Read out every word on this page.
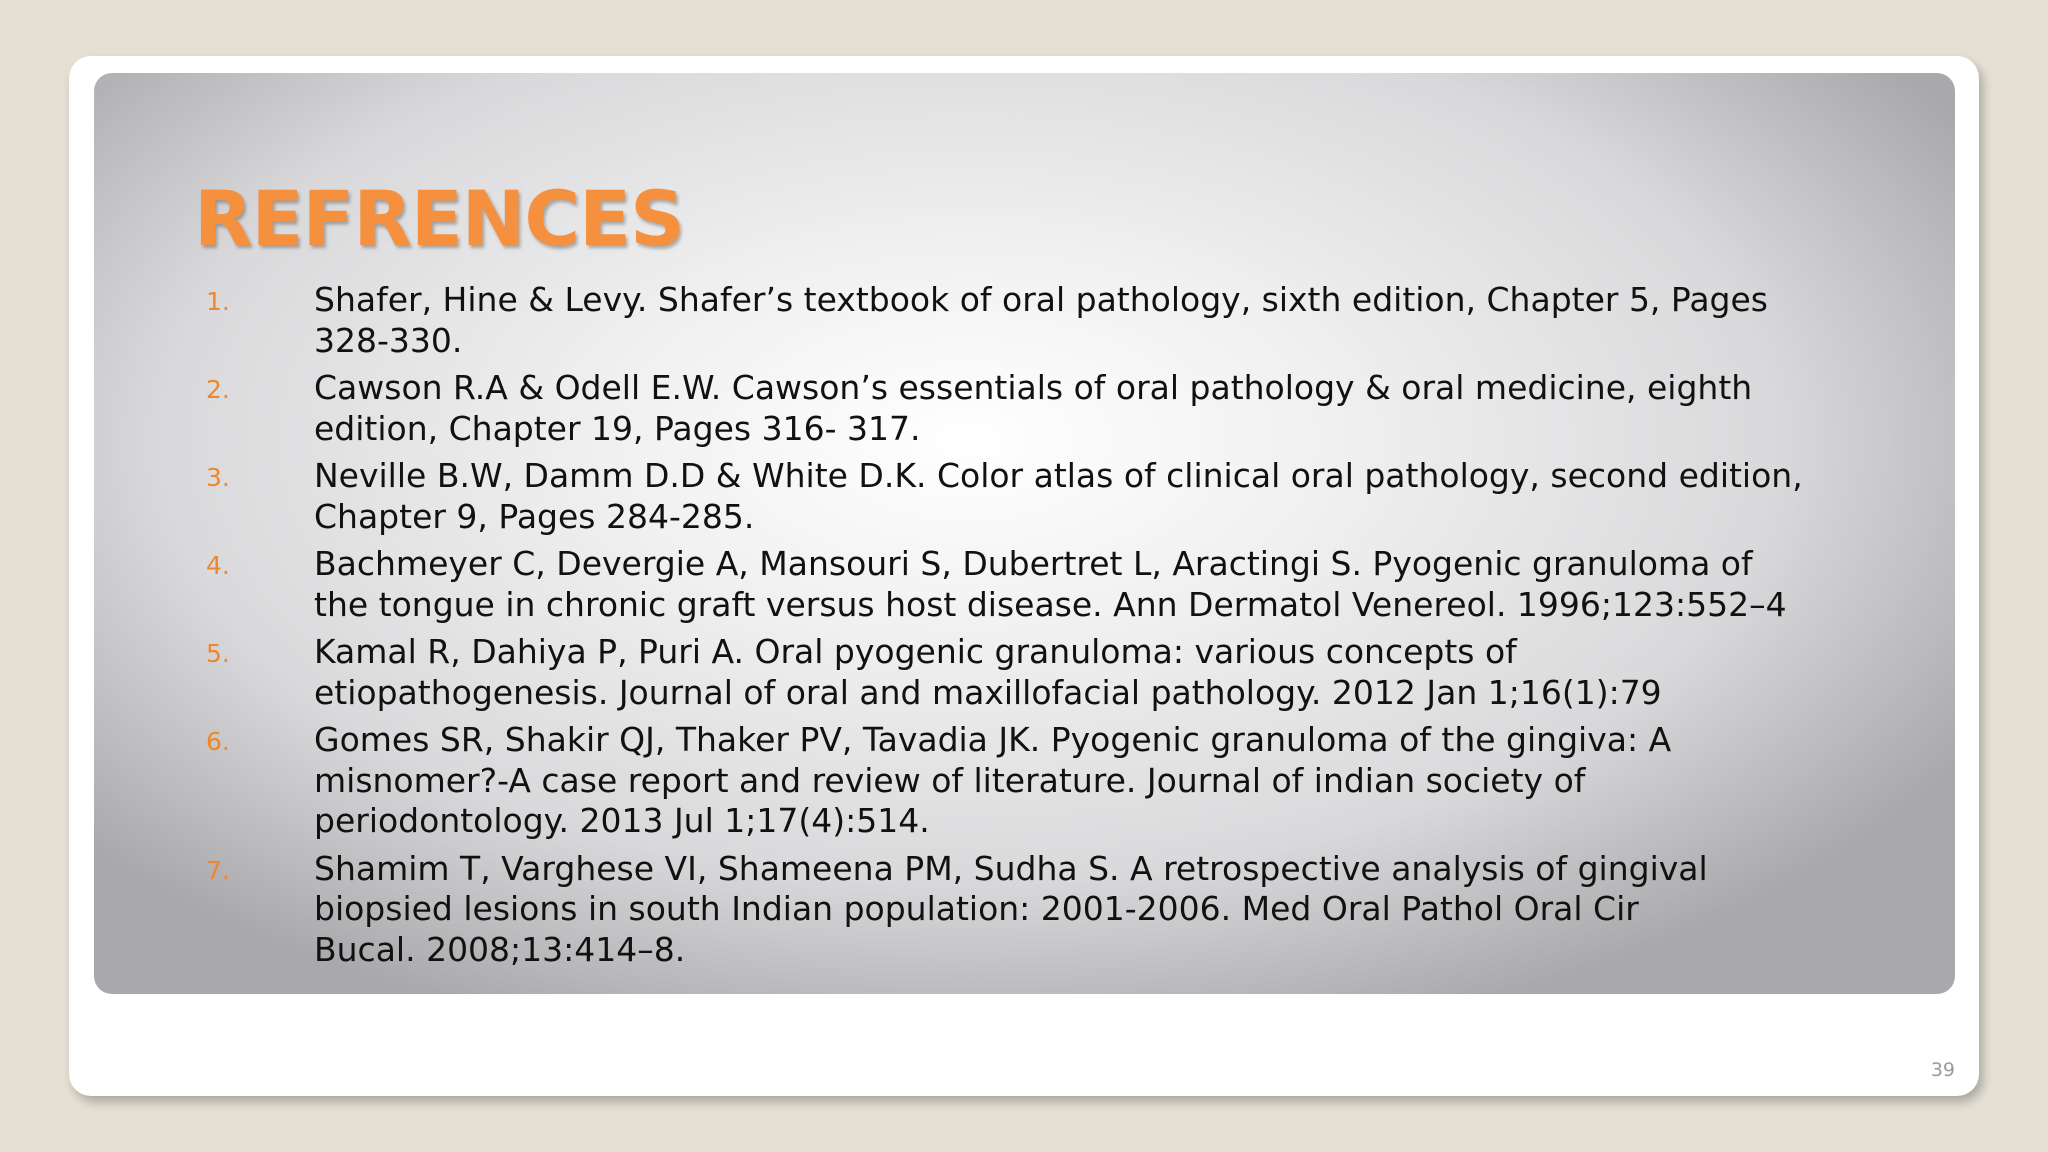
REFRENCES
1.	Shafer, Hine & Levy. Shafer’s textbook of oral pathology, sixth edition, Chapter 5, Pages
328-330.
2.	Cawson R.A & Odell E.W. Cawson’s essentials of oral pathology & oral medicine, eighth
edition, Chapter 19, Pages 316- 317.
3.	Neville B.W, Damm D.D & White D.K. Color atlas of clinical oral pathology, second edition,
Chapter 9, Pages 284-285.
4.	Bachmeyer C, Devergie A, Mansouri S, Dubertret L, Aractingi S. Pyogenic granuloma of
the tongue in chronic graft versus host disease. Ann Dermatol Venereol. 1996;123:552–4
5.	Kamal R, Dahiya P, Puri A. Oral pyogenic granuloma: various concepts of
etiopathogenesis. Journal of oral and maxillofacial pathology. 2012 Jan 1;16(1):79
6.	Gomes SR, Shakir QJ, Thaker PV, Tavadia JK. Pyogenic granuloma of the gingiva: A
misnomer?-A case report and review of literature. Journal of indian society of
periodontology. 2013 Jul 1;17(4):514.
7.	Shamim T, Varghese VI, Shameena PM, Sudha S. A retrospective analysis of gingival
biopsied lesions in south Indian population: 2001-2006. Med Oral Pathol Oral Cir
Bucal. 2008;13:414–8.
39
